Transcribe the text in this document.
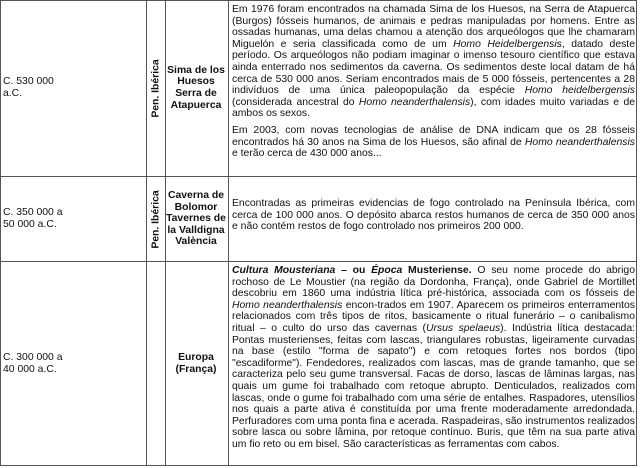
C. 530 000 a.C.	Pen. Ibérica Sima de los Huesos Serra de Atapuerca

Em 1976 foram encontrados na chamada Sima de los Huesos, na Serra de Atapuerca (Burgos) fósseis humanos, de animais e pedras manipuladas por homens. Entre as ossadas humanas, uma delas chamou a atenção dos arqueólogos que lhe chamaram Miguelón e seria classificada como de um Homo Heidelbergensis, datado deste período. Os arqueólogos não podiam imaginar o imenso tesouro científico que estava ainda enterrado nos sedimentos da caverna. Os sedimentos deste local datam de há cerca de 530 000 anos. Seriam encontrados mais de 5 000 fósseis, pertencentes a 28 indivíduos de uma única paleopopulação da espécie Homo heidelbergensis (considerada ancestral do Homo neanderthalensis), com idades muito variadas e de ambos os sexos.

Em 2003, com novas tecnologias de análise de DNA indicam que os 28 fósseis encontrados há 30 anos na Sima de los Huesos, são afinal de Homo neanderthalensis e terão cerca de 430 000 anos...

C. 350 000 a 50 000 a.C.	Pen. Ibérica Caverna de Bolomor Tavernes de la Valldigna València

Encontradas as primeiras evidencias de fogo controlado na Península Ibérica, com cerca de 100 000 anos. O depósito abarca restos humanos de cerca de 350 000 anos e não contém restos de fogo controlado nos primeiros 200 000.

C. 300 000 a 40 000 a.C.
Europa (França)

Cultura Mousteriana – ou Época Musteriense. O seu nome procede do abrigo rochoso de Le Moustier (na região da Dordonha, França), onde Gabriel de Mortillet descobriu em 1860 uma indústria lítica pré-histórica, associada com os fósseis de Homo neanderthalensis encon-trados em 1907. Aparecem os primeiros enterramentos relacionados com três tipos de ritos, basicamente o ritual funerário – o canibalismo ritual – o culto do urso das cavernas (Ursus spelaeus). Indústria lítica destacada: Pontas musterienses, feitas com lascas, triangulares robustas, ligeiramente curvadas na base (estilo "forma de sapato") e com retoques fortes nos bordos (tipo "escadiforme"). Fendedores, realizados com lascas, mas de grande tamanho, que se caracteriza pelo seu gume transversal. Facas de dorso, lascas de lâminas largas, nas quais um gume foi trabalhado com retoque abrupto. Denticulados, realizados com lascas, onde o gume foi trabalhado com uma série de entalhes. Raspadores, utensílios nos quais a parte ativa é constituída por uma frente moderadamente arredondada. Perfuradores com uma ponta fina e acerada. Raspadeiras, são instrumentos realizados sobre lasca ou sobre lâmina, por retoque contínuo. Buris, que têm na sua parte ativa um fio reto ou em bisel. São características as ferramentas com cabos.
